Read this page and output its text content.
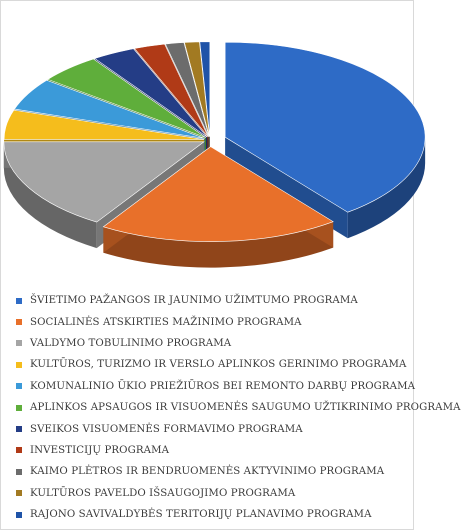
ŠVIETIMO PAŽANGOS IR JAUNIMO UŽIMTUMO PROGRAMA
SOCIALINĖS ATSKIRTIES MAŽINIMO PROGRAMA
VALDYMO TOBULINIMO PROGRAMA
KULTŪROS, TURIZMO IR VERSLO APLINKOS GERINIMO PROGRAMA
KOMUNALINIO ŪKIO PRIEŽIŪROS BEI REMONTO DARBŲ PROGRAMA
APLINKOS APSAUGOS IR VISUOMENĖS SAUGUMO UŽTIKRINIMO PROGRAMA
SVEIKOS VISUOMENĖS FORMAVIMO PROGRAMA
INVESTICIJŲ PROGRAMA
KAIMO PLĖTROS IR BENDRUOMENĖS AKTYVINIMO PROGRAMA
KULTŪROS PAVELDO IŠSAUGOJIMO PROGRAMA
RAJONO SAVIVALDYBĖS TERITORIJŲ PLANAVIMO PROGRAMA
